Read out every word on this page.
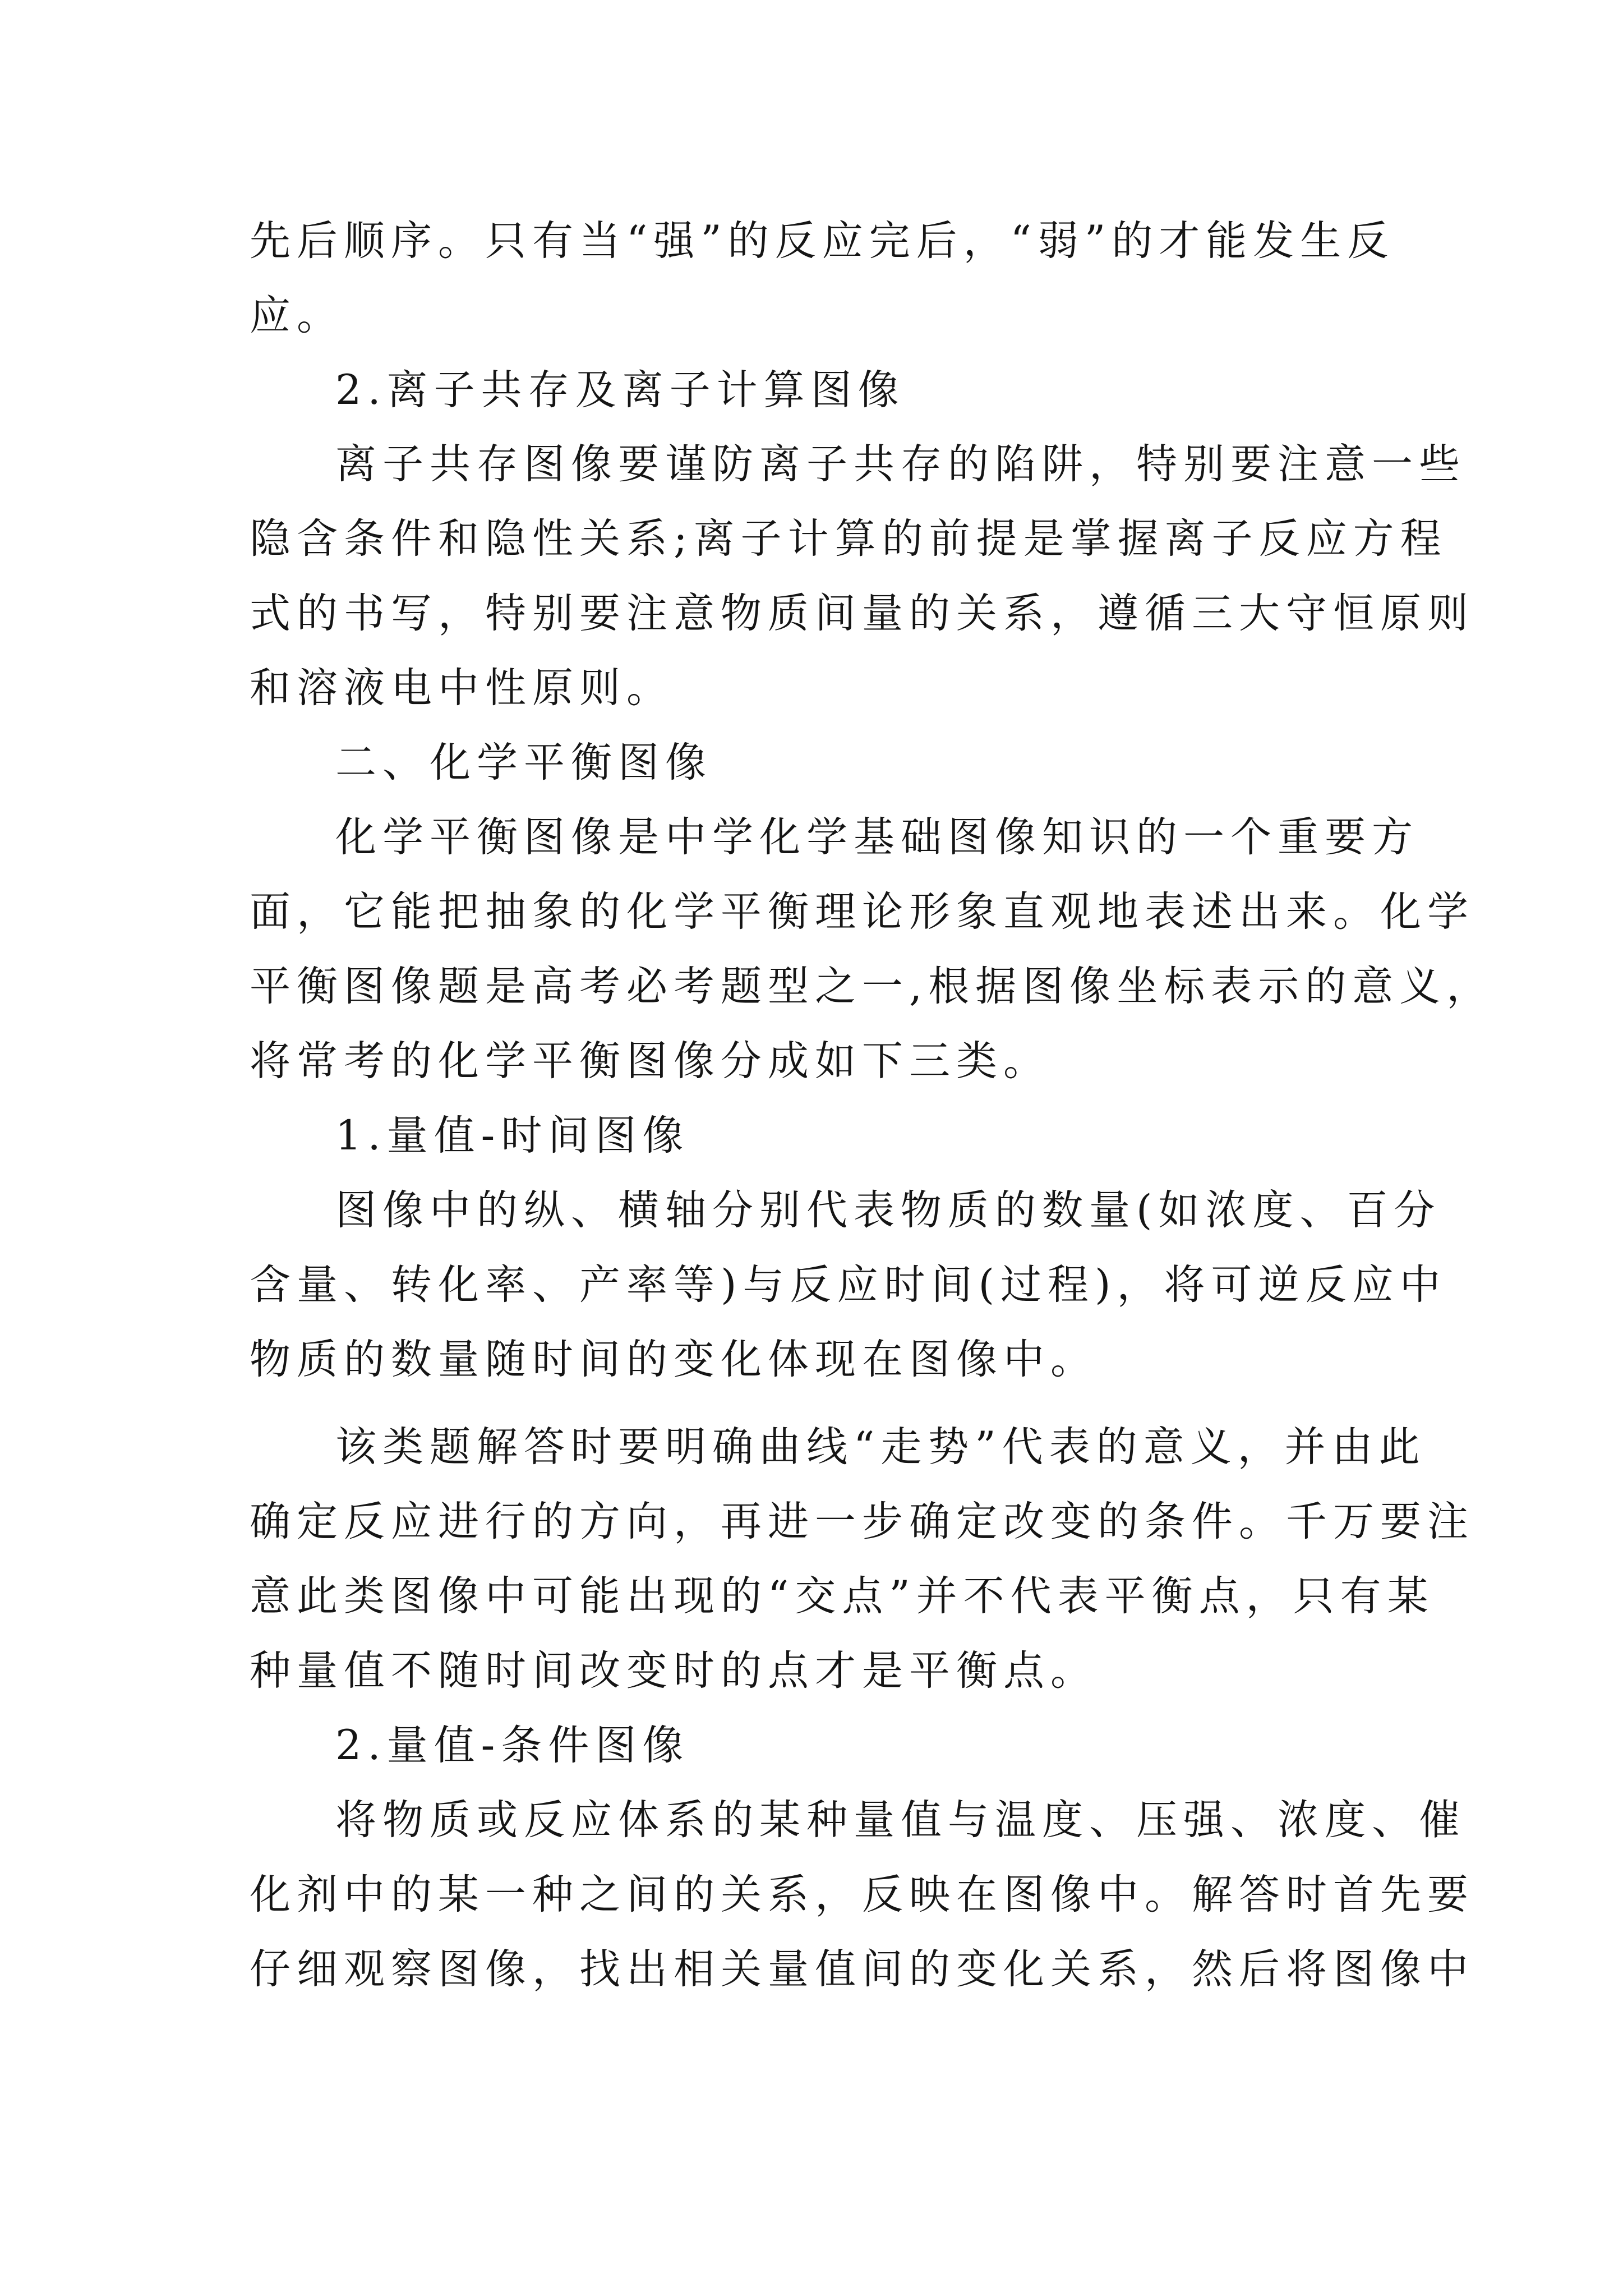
先后顺序。只有当“强”的反应完后，“弱”的才能发生反

应。

2.离子共存及离子计算图像

离子共存图像要谨防离子共存的陷阱，特别要注意一些

隐含条件和隐性关系;离子计算的前提是掌握离子反应方程

式的书写，特别要注意物质间量的关系，遵循三大守恒原则

和溶液电中性原则。

二、化学平衡图像

化学平衡图像是中学化学基础图像知识的一个重要方

面，它能把抽象的化学平衡理论形象直观地表述出来。化学

平衡图像题是高考必考题型之一,根据图像坐标表示的意义，

将常考的化学平衡图像分成如下三类。

1.量值-时间图像

图像中的纵、横轴分别代表物质的数量(如浓度、百分

含量、转化率、产率等)与反应时间(过程)，将可逆反应中

物质的数量随时间的变化体现在图像中。

该类题解答时要明确曲线“走势”代表的意义，并由此

确定反应进行的方向，再进一步确定改变的条件。千万要注

意此类图像中可能出现的“交点”并不代表平衡点，只有某

种量值不随时间改变时的点才是平衡点。

2.量值-条件图像

将物质或反应体系的某种量值与温度、压强、浓度、催

化剂中的某一种之间的关系，反映在图像中。解答时首先要

仔细观察图像，找出相关量值间的变化关系，然后将图像中
